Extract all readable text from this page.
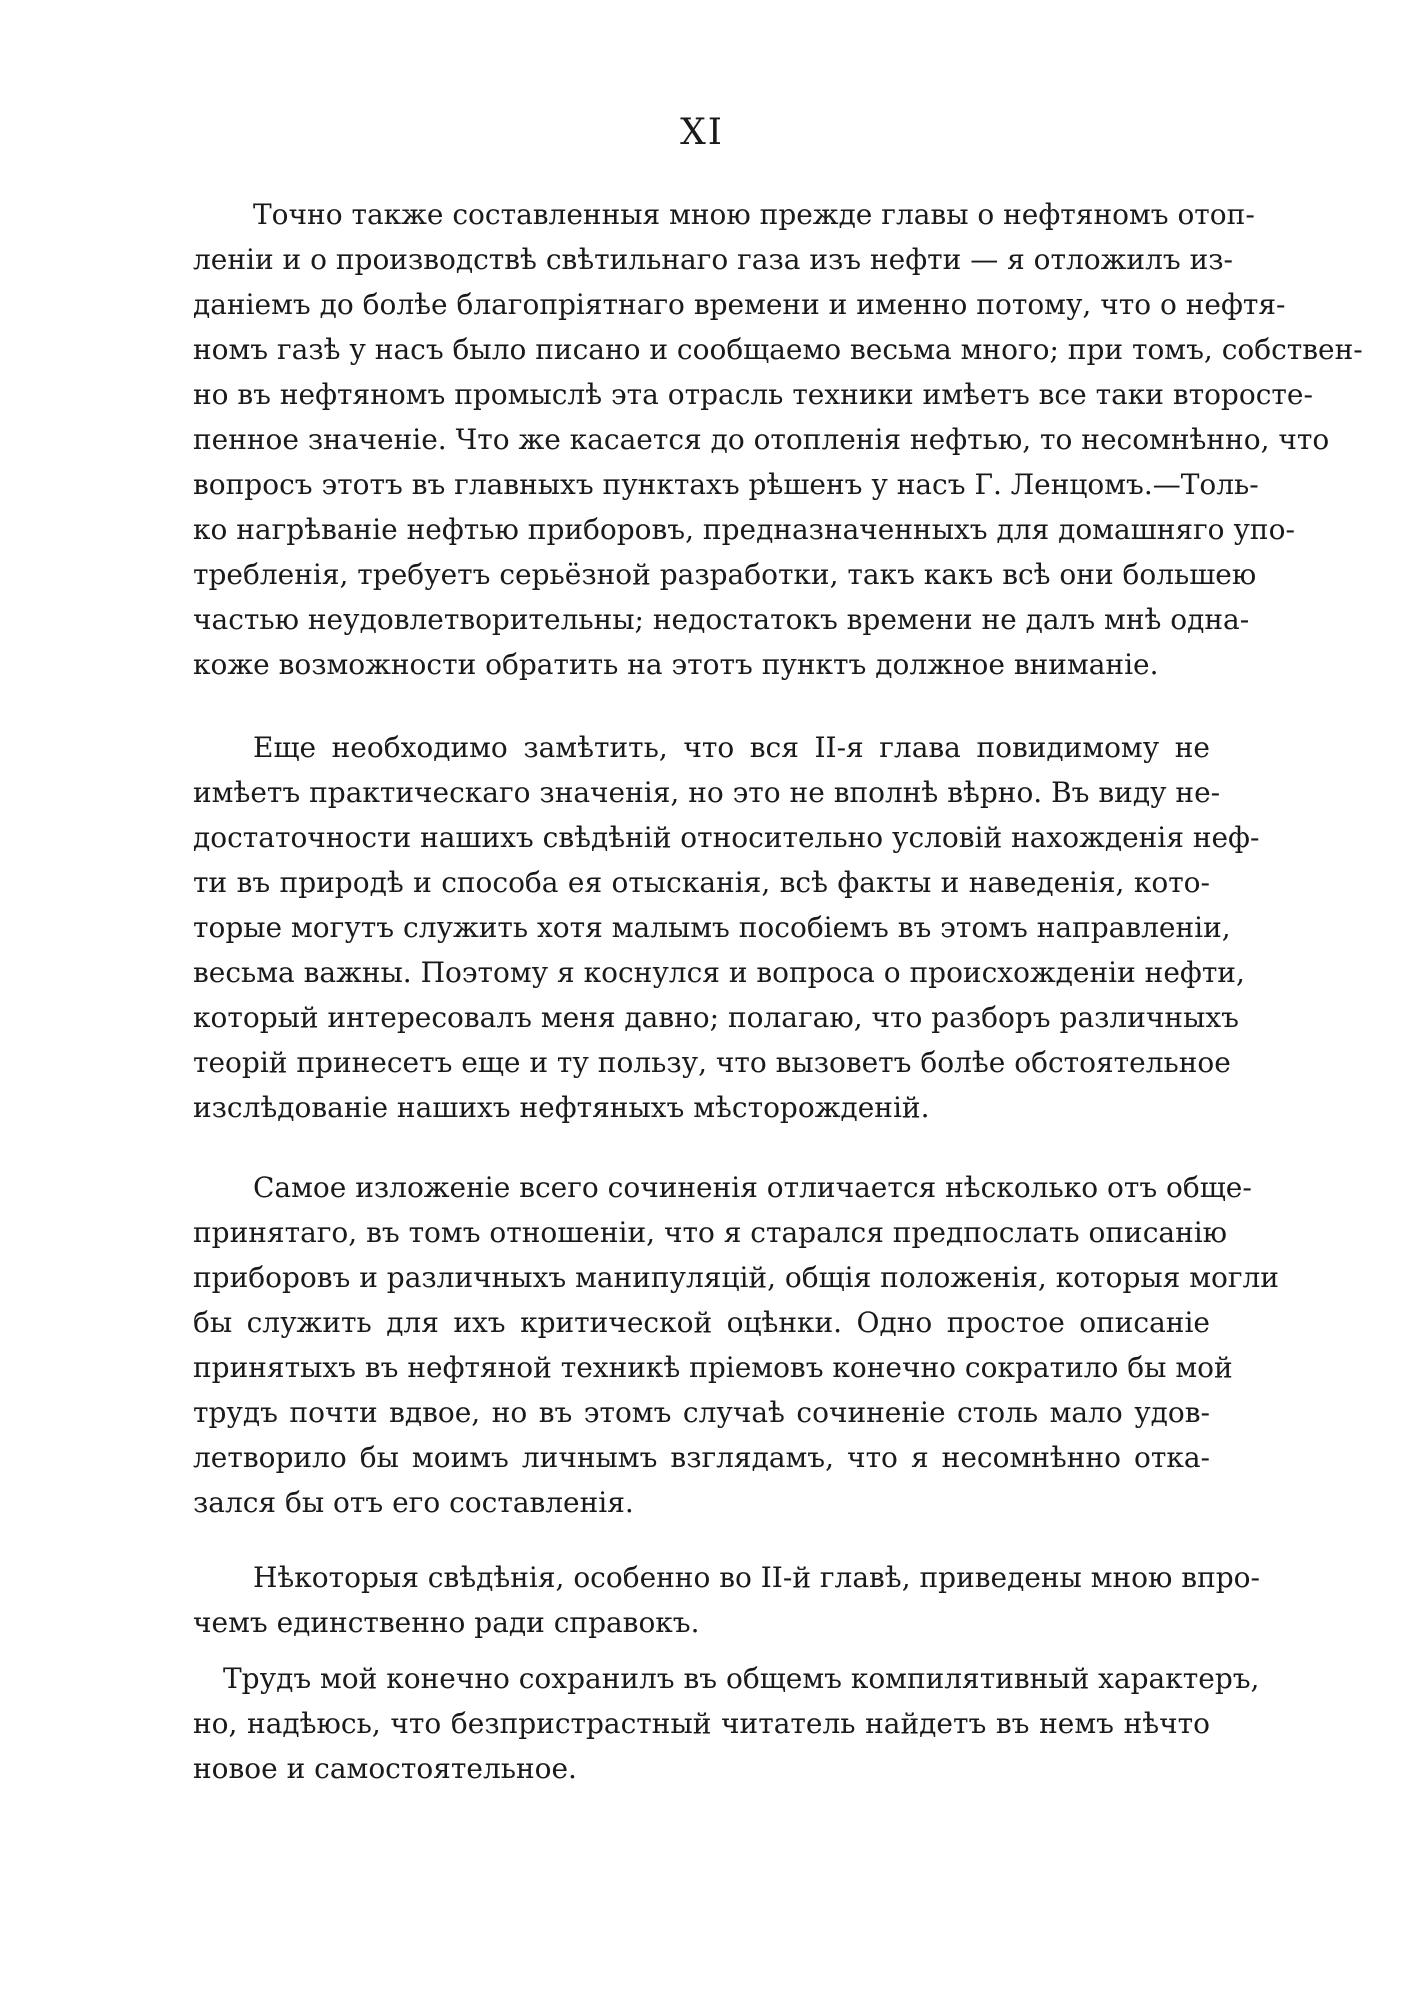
XI

Точно также составленныя мною прежде главы о нефтяномъ отоп-
леніи и о производствѣ свѣтильнаго газа изъ нефти — я отложилъ из-
даніемъ до болѣе благопріятнаго времени и именно потому, что о нефтя-
номъ газѣ у насъ было писано и сообщаемо весьма много; при томъ, собствен-
но въ нефтяномъ промыслѣ эта отрасль техники имѣетъ все таки второсте-
пенное значеніе. Что же касается до отопленія нефтью, то несомнѣнно, что
вопросъ этотъ въ главныхъ пунктахъ рѣшенъ у насъ Г. Ленцомъ.—Толь-
ко нагрѣваніе нефтью приборовъ, предназначенныхъ для домашняго упо-
требленія, требуетъ серьёзной разработки, такъ какъ всѣ они большею
частью неудовлетворительны; недостатокъ времени не далъ мнѣ одна-
коже возможности обратить на этотъ пунктъ должное вниманіе.

Еще необходимо замѣтить, что вся II-я глава повидимому не
имѣетъ практическаго значенія, но это не вполнѣ вѣрно. Въ виду не-
достаточности нашихъ свѣдѣній относительно условій нахожденія неф-
ти въ природѣ и способа ея отысканія, всѣ факты и наведенія, кото-
торые могутъ служить хотя малымъ пособіемъ въ этомъ направленіи,
весьма важны. Поэтому я коснулся и вопроса о происхожденіи нефти,
который интересовалъ меня давно; полагаю, что разборъ различныхъ
теорій принесетъ еще и ту пользу, что вызоветъ болѣе обстоятельное
изслѣдованіе нашихъ нефтяныхъ мѣсторожденій.

Самое изложеніе всего сочиненія отличается нѣсколько отъ обще-
принятаго, въ томъ отношеніи, что я старался предпослать описанію
приборовъ и различныхъ манипуляцій, общія положенія, которыя могли
бы служить для ихъ критической оцѣнки. Одно простое описаніе
принятыхъ въ нефтяной техникѣ пріемовъ конечно сократило бы мой
трудъ почти вдвое, но въ этомъ случаѣ сочиненіе столь мало удов-
летворило бы моимъ личнымъ взглядамъ, что я несомнѣнно отка-
зался бы отъ его составленія.

Нѣкоторыя свѣдѣнія, особенно во II-й главѣ, приведены мною впро-
чемъ единственно ради справокъ.

Трудъ мой конечно сохранилъ въ общемъ компилятивный характеръ,
но, надѣюсь, что безпристрастный читатель найдетъ въ немъ нѣчто
новое и самостоятельное.
